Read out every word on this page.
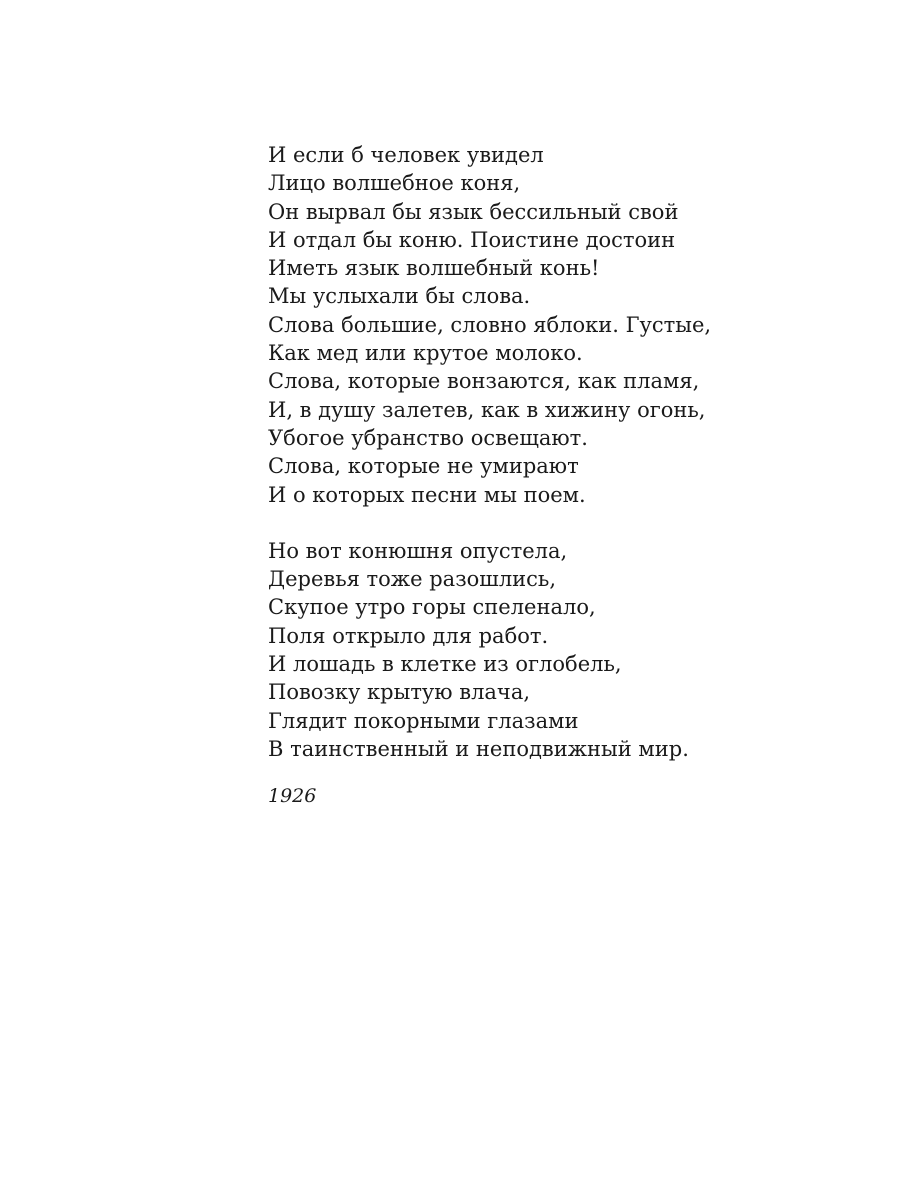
И если б человек увидел
Лицо волшебное коня,
Он вырвал бы язык бессильный свой
И отдал бы коню. Поистине достоин
Иметь язык волшебный конь!
Мы услыхали бы слова.
Слова большие, словно яблоки. Густые,
Как мед или крутое молоко.
Слова, которые вонзаются, как пламя,
И, в душу залетев, как в хижину огонь,
Убогое убранство освещают.
Слова, которые не умирают
И о которых песни мы поем.
Но вот конюшня опустела,
Деревья тоже разошлись,
Скупое утро горы спеленало,
Поля открыло для работ.
И лошадь в клетке из оглобель,
Повозку крытую влача,
Глядит покорными глазами
В таинственный и неподвижный мир.
1926
